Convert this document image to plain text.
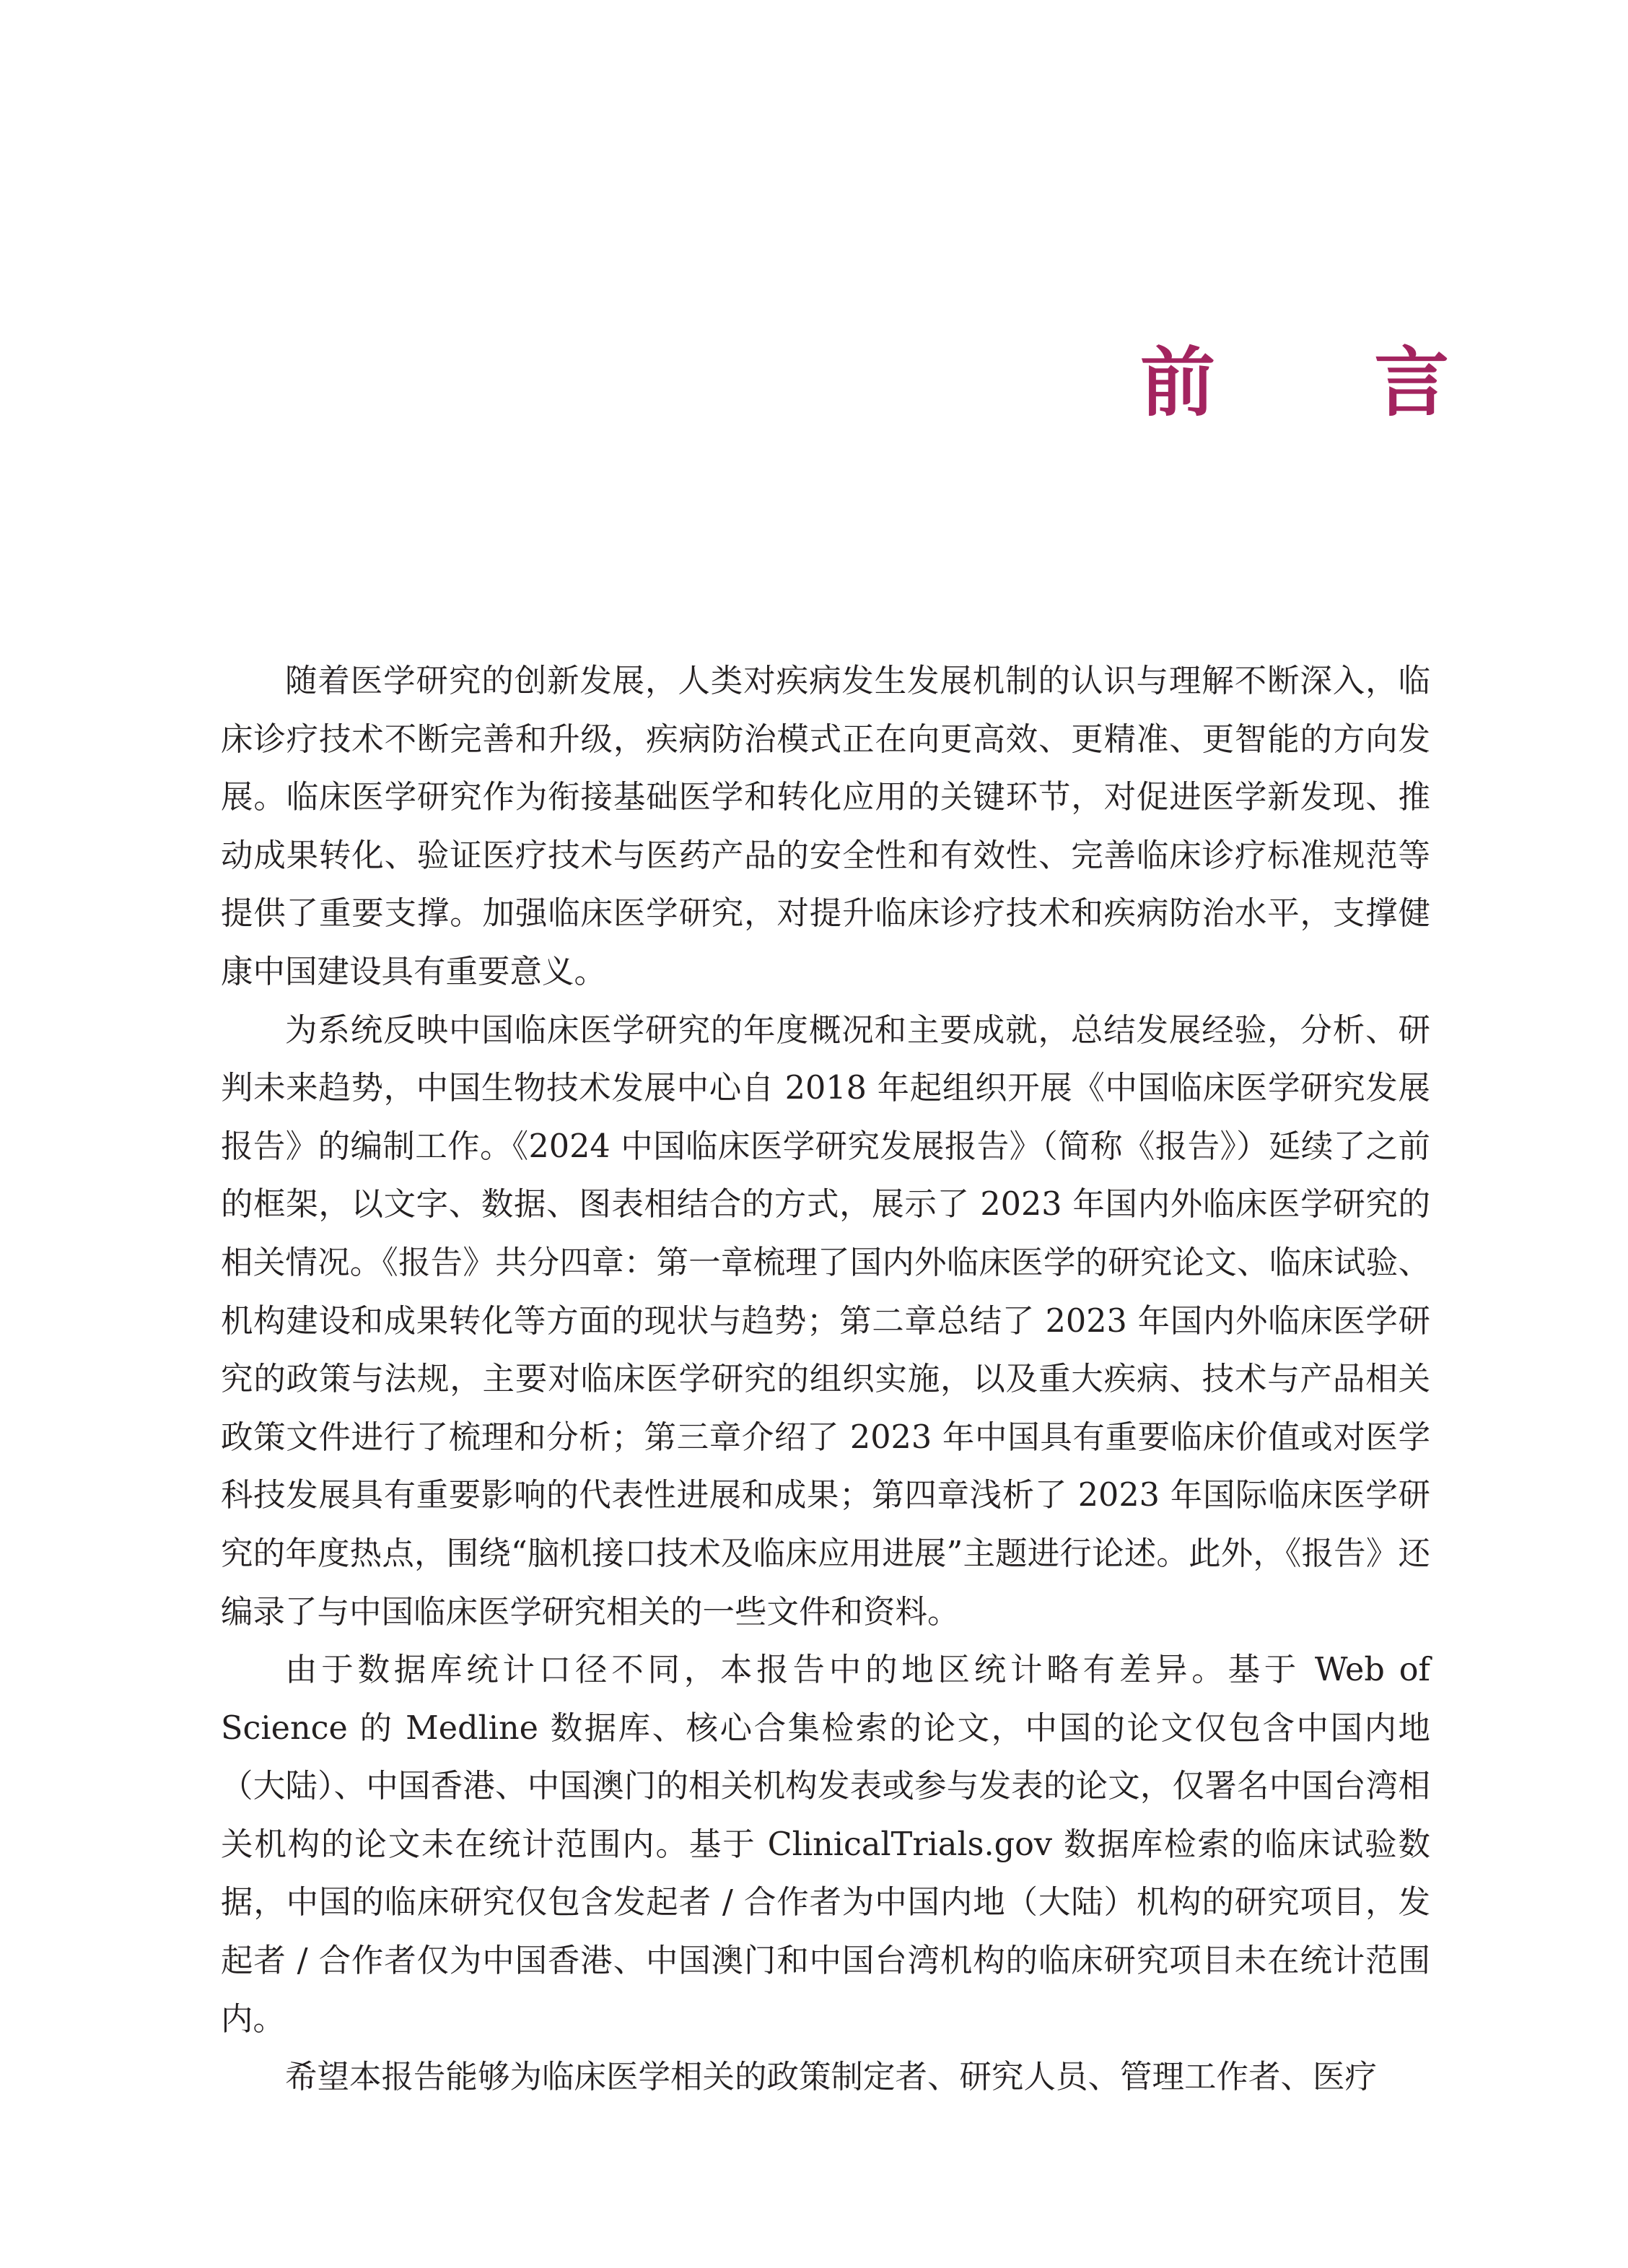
前 言

随着医学研究的创新发展，人类对疾病发生发展机制的认识与理解不断深入，临床诊疗技术不断完善和升级，疾病防治模式正在向更高效、更精准、更智能的方向发展。临床医学研究作为衔接基础医学和转化应用的关键环节，对促进医学新发现、推动成果转化、验证医疗技术与医药产品的安全性和有效性、完善临床诊疗标准规范等提供了重要支撑。加强临床医学研究，对提升临床诊疗技术和疾病防治水平，支撑健康中国建设具有重要意义。

为系统反映中国临床医学研究的年度概况和主要成就，总结发展经验，分析、研判未来趋势，中国生物技术发展中心自 2018 年起组织开展《中国临床医学研究发展报告》的编制工作。《2024 中国临床医学研究发展报告》（简称《报告》）延续了之前的框架，以文字、数据、图表相结合的方式，展示了 2023 年国内外临床医学研究的相关情况。《报告》共分四章：第一章梳理了国内外临床医学的研究论文、临床试验、机构建设和成果转化等方面的现状与趋势；第二章总结了 2023 年国内外临床医学研究的政策与法规，主要对临床医学研究的组织实施，以及重大疾病、技术与产品相关政策文件进行了梳理和分析；第三章介绍了 2023 年中国具有重要临床价值或对医学科技发展具有重要影响的代表性进展和成果；第四章浅析了 2023 年国际临床医学研究的年度热点，围绕“脑机接口技术及临床应用进展”主题进行论述。此外，《报告》还编录了与中国临床医学研究相关的一些文件和资料。

由于数据库统计口径不同，本报告中的地区统计略有差异。基于 Web of Science 的 Medline 数据库、核心合集检索的论文，中国的论文仅包含中国内地（大陆）、中国香港、中国澳门的相关机构发表或参与发表的论文，仅署名中国台湾相关机构的论文未在统计范围内。基于 ClinicalTrials.gov 数据库检索的临床试验数据，中国的临床研究仅包含发起者 / 合作者为中国内地（大陆）机构的研究项目，发起者 / 合作者仅为中国香港、中国澳门和中国台湾机构的临床研究项目未在统计范围内。

希望本报告能够为临床医学相关的政策制定者、研究人员、管理工作者、医疗
